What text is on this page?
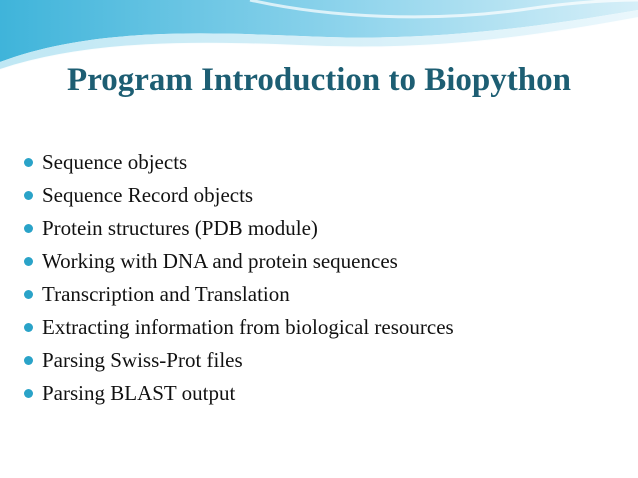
Program Introduction to Biopython
Sequence objects
Sequence Record objects
Protein structures (PDB module)
Working with DNA and protein sequences
Transcription and Translation
Extracting information from biological resources
Parsing Swiss-Prot files
Parsing BLAST output
